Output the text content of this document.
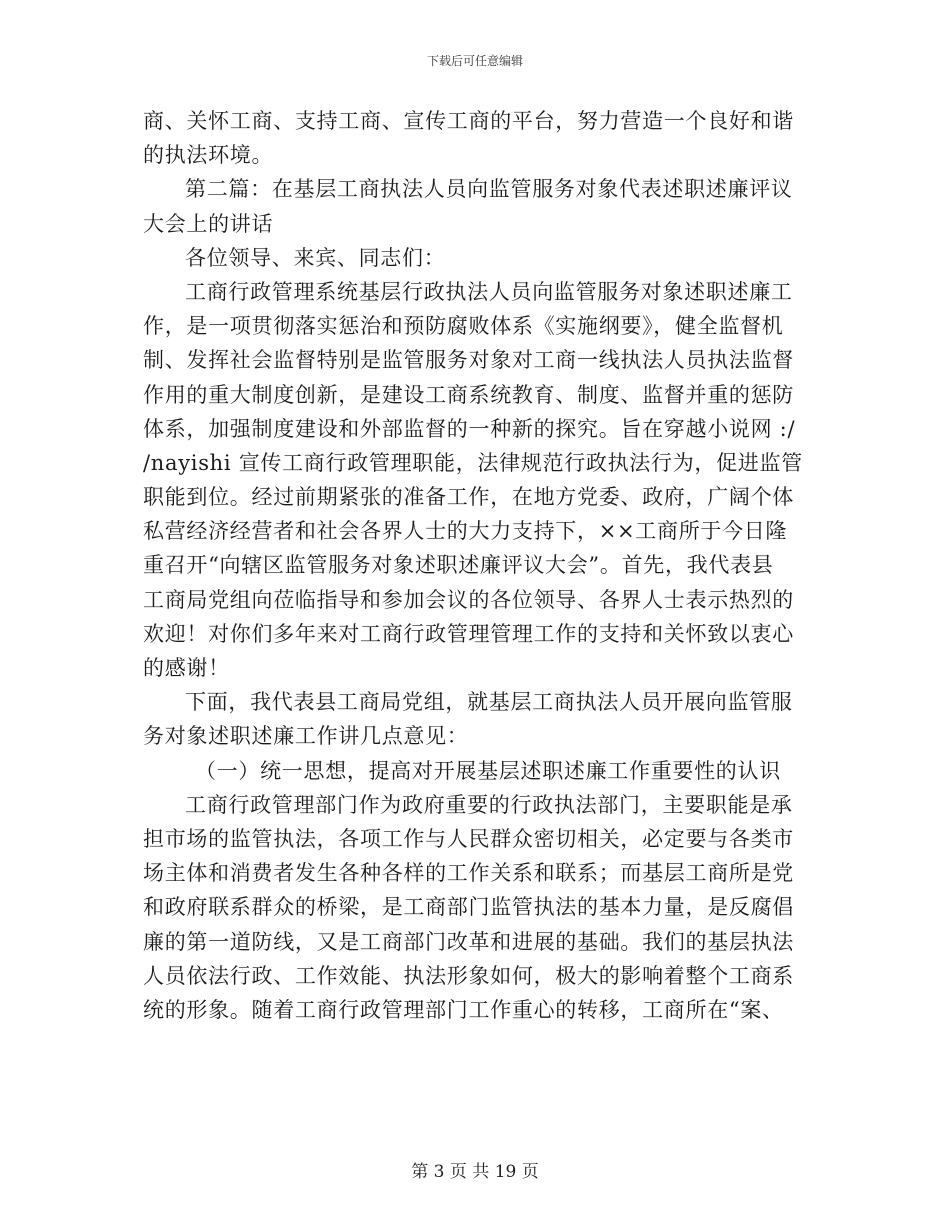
下载后可任意编辑
商、关怀工商、支持工商、宣传工商的平台，努力营造一个良好和谐
的执法环境。
第二篇：在基层工商执法人员向监管服务对象代表述职述廉评议
大会上的讲话
各位领导、来宾、同志们：
工商行政管理系统基层行政执法人员向监管服务对象述职述廉工
作，是一项贯彻落实惩治和预防腐败体系《实施纲要》，健全监督机
制、发挥社会监督特别是监管服务对象对工商一线执法人员执法监督
作用的重大制度创新，是建设工商系统教育、制度、监督并重的惩防
体系，加强制度建设和外部监督的一种新的探究。旨在穿越小说网 :/
/nayishi 宣传工商行政管理职能，法律规范行政执法行为，促进监管
职能到位。经过前期紧张的准备工作，在地方党委、政府，广阔个体
私营经济经营者和社会各界人士的大力支持下，××工商所于今日隆
重召开“向辖区监管服务对象述职述廉评议大会”。首先，我代表县
工商局党组向莅临指导和参加会议的各位领导、各界人士表示热烈的
欢迎！对你们多年来对工商行政管理管理工作的支持和关怀致以衷心
的感谢！
下面，我代表县工商局党组，就基层工商执法人员开展向监管服
务对象述职述廉工作讲几点意见：
（一）统一思想，提高对开展基层述职述廉工作重要性的认识
工商行政管理部门作为政府重要的行政执法部门，主要职能是承
担市场的监管执法，各项工作与人民群众密切相关，必定要与各类市
场主体和消费者发生各种各样的工作关系和联系；而基层工商所是党
和政府联系群众的桥梁，是工商部门监管执法的基本力量，是反腐倡
廉的第一道防线，又是工商部门改革和进展的基础。我们的基层执法
人员依法行政、工作效能、执法形象如何，极大的影响着整个工商系
统的形象。随着工商行政管理部门工作重心的转移，工商所在“案、
第 3 页 共 19 页
